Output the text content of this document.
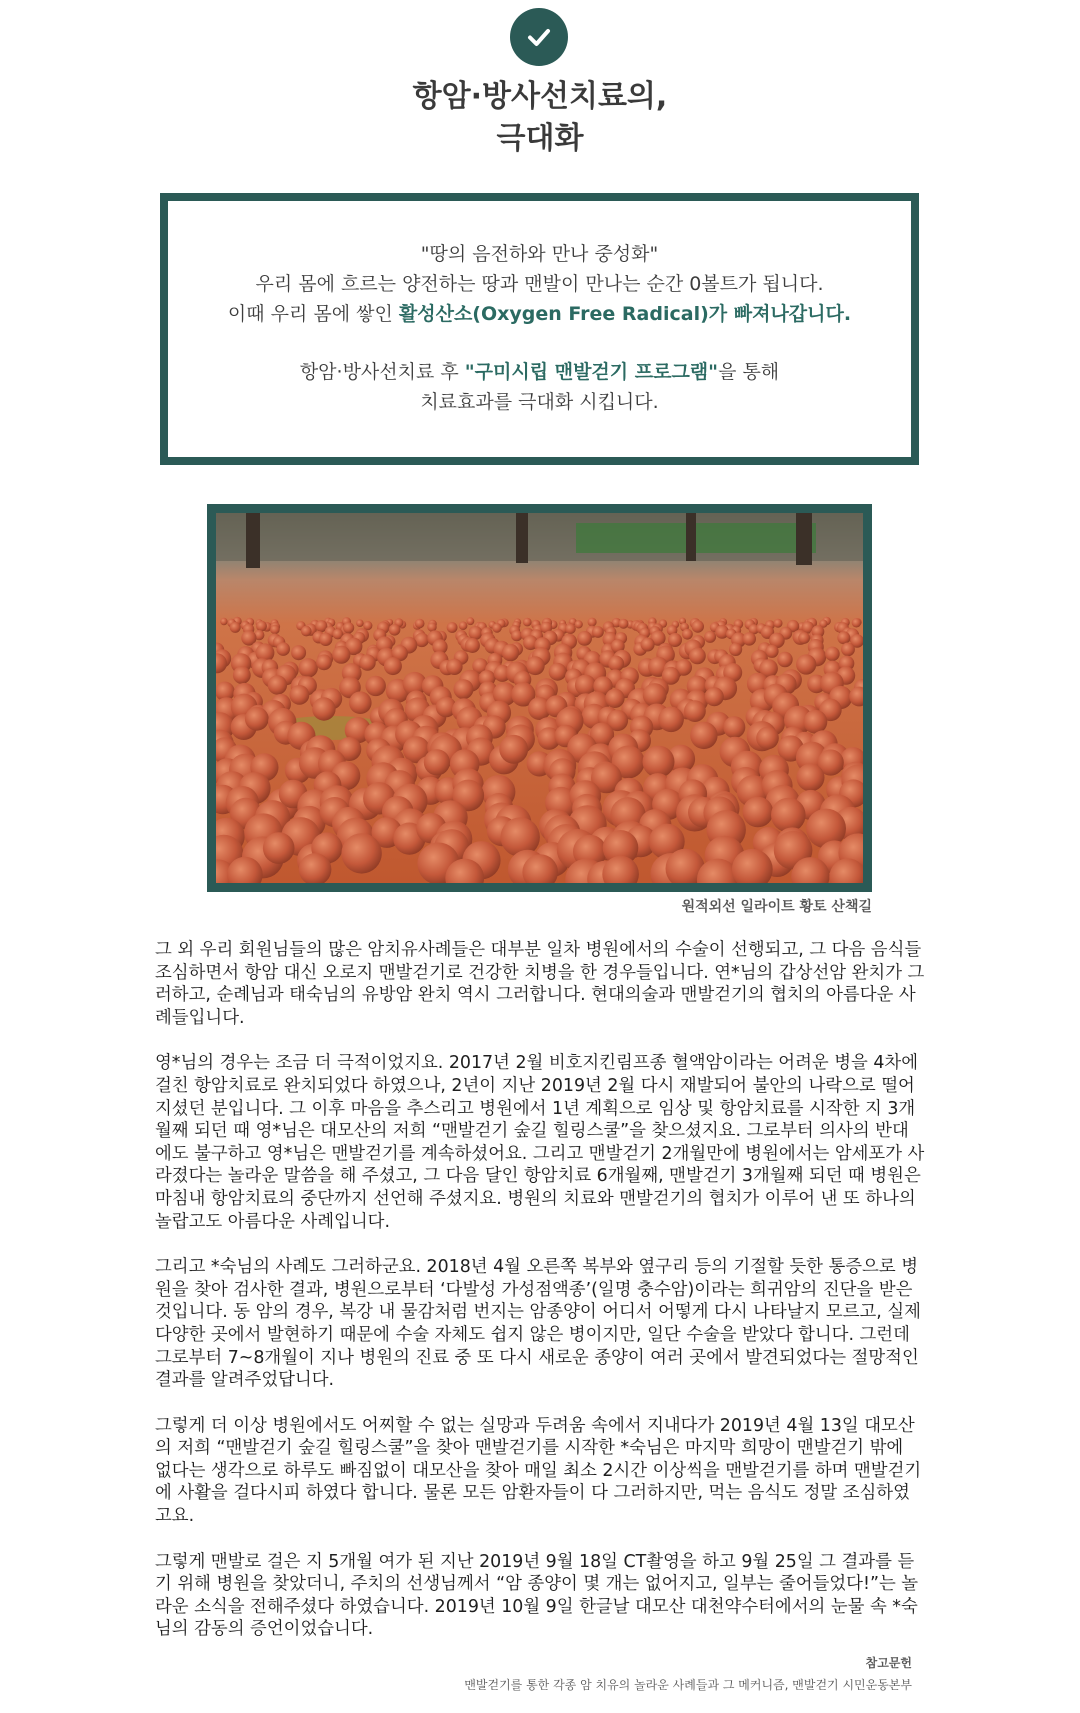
항암·방사선치료의,
극대화
"땅의 음전하와 만나 중성화"
우리 몸에 흐르는 양전하는 땅과 맨발이 만나는 순간 0볼트가 됩니다.
이때 우리 몸에 쌓인 활성산소(Oxygen Free Radical)가 빠져나갑니다.
항암·방사선치료 후 "구미시립 맨발걷기 프로그램"을 통해
치료효과를 극대화 시킵니다.
원적외선 일라이트 황토 산책길

그 외 우리 회원님들의 많은 암치유사례들은 대부분 일차 병원에서의 수술이 선행되고, 그 다음 음식들 조심하면서 항암 대신 오로지 맨발걷기로 건강한 치병을 한 경우들입니다. 연*님의 갑상선암 완치가 그러하고, 순례님과 태숙님의 유방암 완치 역시 그러합니다. 현대의술과 맨발걷기의 협치의 아름다운 사례들입니다.

영*님의 경우는 조금 더 극적이었지요. 2017년 2월 비호지킨림프종 혈액암이라는 어려운 병을 4차에 걸친 항암치료로 완치되었다 하였으나, 2년이 지난 2019년 2월 다시 재발되어 불안의 나락으로 떨어지셨던 분입니다. 그 이후 마음을 추스리고 병원에서 1년 계획으로 임상 및 항암치료를 시작한 지 3개월째 되던 때 영*님은 대모산의 저희 “맨발걷기 숲길 힐링스쿨”을 찾으셨지요. 그로부터 의사의 반대에도 불구하고 영*님은 맨발걷기를 계속하셨어요. 그리고 맨발걷기 2개월만에 병원에서는 암세포가 사라졌다는 놀라운 말씀을 해 주셨고, 그 다음 달인 항암치료 6개월째, 맨발걷기 3개월째 되던 때 병원은 마침내 항암치료의 중단까지 선언해 주셨지요. 병원의 치료와 맨발걷기의 협치가 이루어 낸 또 하나의 놀랍고도 아름다운 사례입니다.

그리고 *숙님의 사례도 그러하군요. 2018년 4월 오른쪽 복부와 옆구리 등의 기절할 듯한 통증으로 병원을 찾아 검사한 결과, 병원으로부터 ‘다발성 가성점액종’(일명 충수암)이라는 희귀암의 진단을 받은 것입니다. 동 암의 경우, 복강 내 물감처럼 번지는 암종양이 어디서 어떻게 다시 나타날지 모르고, 실제 다양한 곳에서 발현하기 때문에 수술 자체도 쉽지 않은 병이지만, 일단 수술을 받았다 합니다. 그런데 그로부터 7~8개월이 지나 병원의 진료 중 또 다시 새로운 종양이 여러 곳에서 발견되었다는 절망적인 결과를 알려주었답니다.

그렇게 더 이상 병원에서도 어찌할 수 없는 실망과 두려움 속에서 지내다가 2019년 4월 13일 대모산의 저희 “맨발걷기 숲길 힐링스쿨”을 찾아 맨발걷기를 시작한 *숙님은 마지막 희망이 맨발걷기 밖에 없다는 생각으로 하루도 빠짐없이 대모산을 찾아 매일 최소 2시간 이상씩을 맨발걷기를 하며 맨발걷기에 사활을 걸다시피 하였다 합니다. 물론 모든 암환자들이 다 그러하지만, 먹는 음식도 정말 조심하였고요.

그렇게 맨발로 걸은 지 5개월 여가 된 지난 2019년 9월 18일 CT촬영을 하고 9월 25일 그 결과를 듣기 위해 병원을 찾았더니, 주치의 선생님께서 “암 종양이 몇 개는 없어지고, 일부는 줄어들었다!”는 놀라운 소식을 전해주셨다 하였습니다. 2019년 10월 9일 한글날 대모산 대천약수터에서의 눈물 속 *숙님의 감동의 증언이었습니다.

참고문헌
맨발걷기를 통한 각종 암 치유의 놀라운 사례들과 그 메커니즘, 맨발걷기 시민운동본부
